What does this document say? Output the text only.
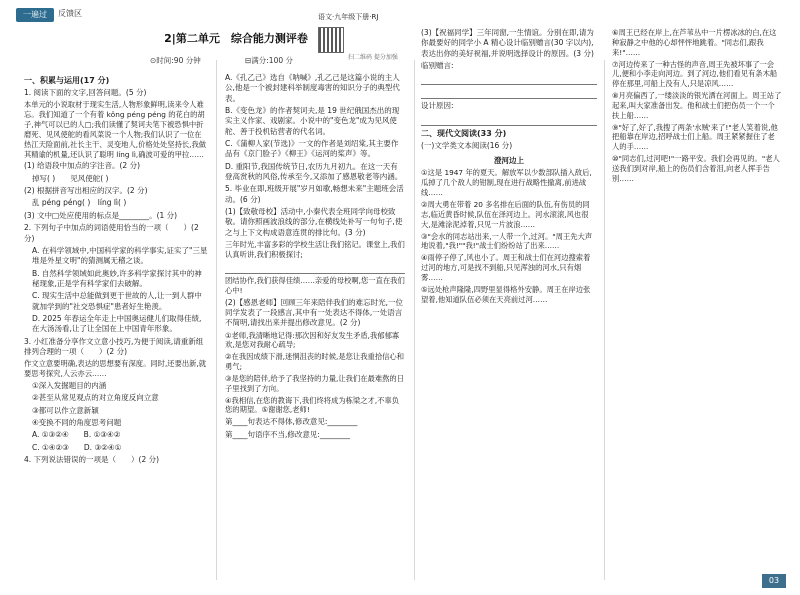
一遍过	反馈区
2|第二单元　综合能力测评卷
语文·九年级下册·RJ
扫二维码 提分加强
⊙时间:90 分钟	⊟满分:100 分
一、积累与运用(17 分)

1. 阅读下面的文字,回答问题。(5 分)

本单元的小说取材于现实生活,人物形象鲜明,读来令人难忘。我们知道了一个有着 kǒng pénɡ péng 的花白的胡子,神气可以已的人□;我们读懂了契诃夫笔下被恐惧中折磨死、见风使舵的看风菜说一个人物;我们认识了一位在热江天险面前,社长主干、灵变地人,价格处处坚持长,我做其精谕的机量,还认识了聪明 líng lì,确波可爱的甲拉……

(1) 给语段中加点的字注音。(2 分)

掉写( )　　见风使舵( )

(2) 根据拼音写出相应的汉字。(2 分)

乱 péng péng( )　líng lì( )

(3) 文中□处应使用的标点是________。(1 分)

2. 下列句子中加点的词语使用恰当的一项（　　）(2 分)

A. 在科学领域中,中国科学家的科学事实,证实了"三星堆是外星文明"的猜测属无稽之谈。

B. 自然科学领域如此奥妙,许多科学家探讨其中的神秘现象,正是学有科学家们去破解。

C. 现实生活中总能做到更于世故的人,让一到人群中就加学到的"社交恐惧症"患者好生艳羡。

D. 2025 年春运全年走上中国奥运健儿们取得佳绩,在大汤汤看,让了让全国在上中国青年形象。

3. 小红准备分享作文立意小技巧,为便于阅读,请重新组排列合理的一项（　　）(2 分)

作文立意要明确,表达的思想要有深度。同时,还要出新,就要思考探究,人云亦云……

①深入发掘题目的内涵

②甚至从常见观点的对立角度反向立意

③都可以作立意新颖

④变换不同的角度思考问题

A. ①③②④　　 B. ①③④②

C. ①④②③　　 D. ③②④①

4. 下列说法错误的一项是（　　）(2 分)

A.《孔乙己》选自《呐喊》,孔乙己是这篇小说的主人公,他是一个被封建科举制度毒害的知识分子的典型代表。

B.《变色龙》的作者契诃夫,是 19 世纪俄国杰出的现实主义作家、戏剧家。小说中的"变色龙"成为见风使舵、善于投机钻营者的代名词。

C.《蒲柳人家(节选)》一文的作者是刘绍棠,其主要作品有《京门脸子》《柳王》《运河的桨声》等。

D. 重阳节,我国传统节日,农历九月初九。在这一天有登高赏秋的风俗,传承至今,又添加了感恩敬老等内涵。

5. 毕业在即,班级开展"岁月如歌,畅想未来"主题班会活动。(6 分)

(1)【致敬母校】活动中,小秦代表全班同学向母校致敬。请你照画波浪线的部分,在横线处补写一句句子,使之与上下文构成语意连贯的排比句。(3 分)

三年时光,丰富多彩的学校生活让我们铭记。课堂上,我们认真听讲,我们积极探讨;

团结协作,我们获得佳绩……亲爱的母校啊,您一直在我们心中!

(2)【感恩老师】回顾三年来陪伴我们的难忘时光,一位同学发表了一段感言,其中有一处表达不得体,一处语言不简明,请找出来并提出修改意见。(2 分)

①老师,我清晰地记得:那次因和好友发生矛盾,我郁郁寡欢,是您对我耐心疏导;

②在我因成绩下滑,迷惘沮丧的时候,是您让我重拾信心和勇气;

③是您的陪伴,给予了我坚持的力量,让我们在最难熬的日子里找到了方向。

④我相信,在您的教诲下,我们终将成为栋梁之才,不辜负您的期望。⑤谢谢您,老师!

第____句表达不得体,修改意见:________

第____句语序不当,修改意见:________

(3)【祝福同学】三年同窗,一生情谊。分别在即,请为你最要好的同学小 A 精心设计临别赠言(30 字以内),表达出你的美好祝福,并说明选择设计的原因。(3 分)

临别赠言:

设计原因:

二、现代文阅读(33 分)

(一)文学类文本阅读(16 分)

澄河边上

①这是 1947 年的夏天。解放军以少数部队插入敌后,瓜掉了几个敌人的钳制,现在进行战略性撤离,前进战线……

②周大勇在带着 20 多名排在后面的队伍,有伤员的同志,临近黄昏时候,队伍在泽河边上。河水滚滚,风也很大,是滩涂泥淖着,只见一片波浪……

③"会水的同志站出来,一人带一个,过河。"周王先大声地说着,"我!""我!"战士们纷纷站了出来……

④雨停子停了,风也小了。周王和战士们在河边搜索着过河的地方,可是找不到船,只见浑浊的河水,只有烟雾……

⑤远处枪声隆隆,四野里显得格外安静。周王在岸边张望着,他知道队伍必须在天亮前过河……

⑥周王已经在岸上,在芦苇丛中一片楞冰冰的白,在这种寂静之中他的心却怦怦地跳着。"同志们,跟我来!"……

⑦河边传来了一种古怪的声音,周王先被坏事了一会儿,便和小李走向河边。到了河边,他们看见有条木船停在那里,可船上没有人,只是凉风……

⑧月亮偏西了,一缕淡淡的银光洒在河面上。周王站了起来,叫大家准备出发。他和战士们把伤员一个一个扶上船……

⑨"好了,好了,我搜了两条'水贼'来了!"老人笑着说,他把船靠在岸边,招呼战士们上船。周王紧紧握住了老人的手……

⑩"同志们,过河吧!"一路平安。我们会再见的。"老人送我们到对岸,船上的伤员们含着泪,向老人挥手告别……

03
